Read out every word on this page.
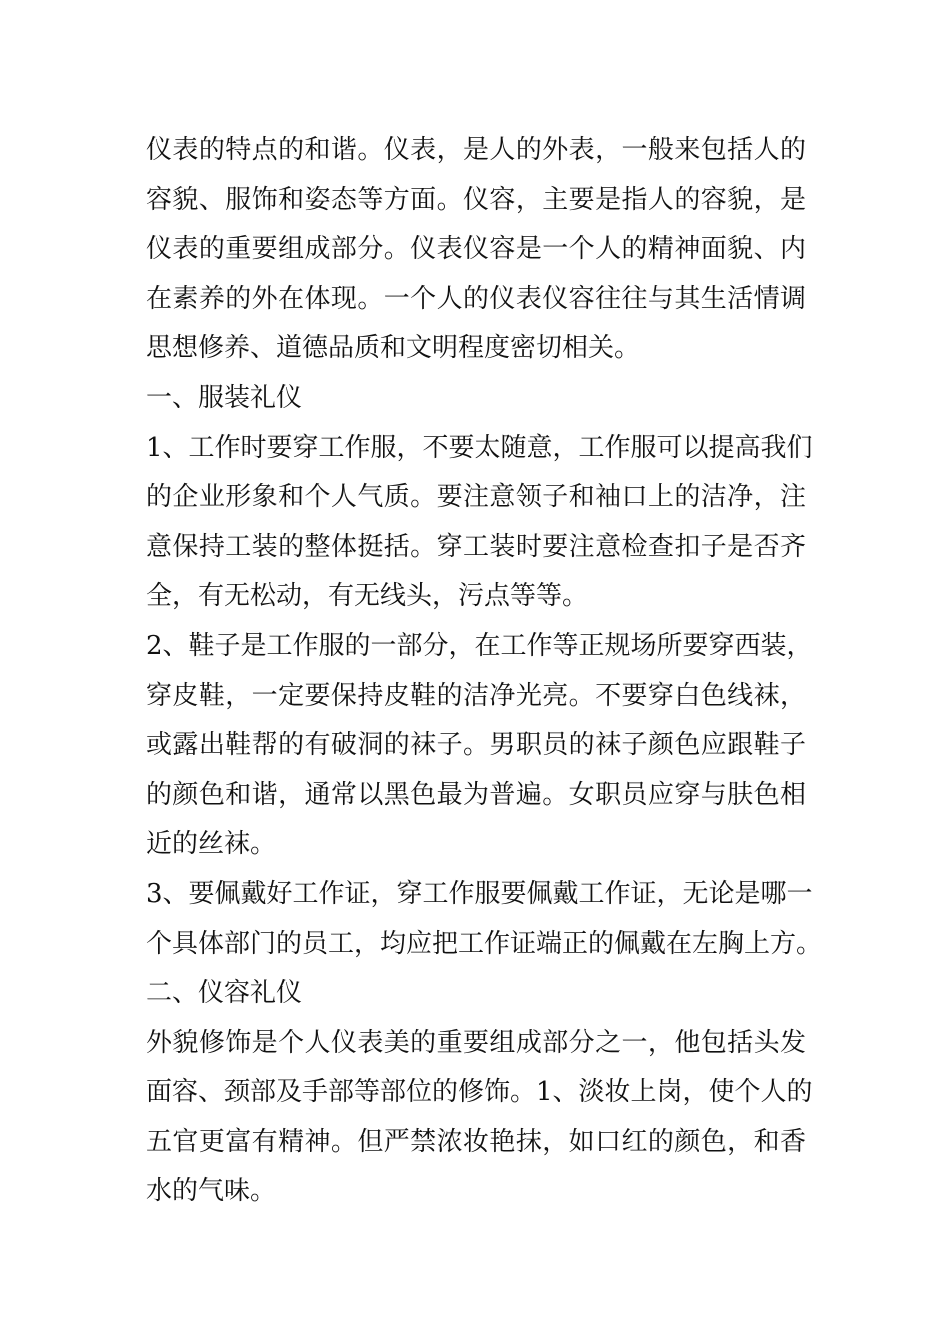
仪表的特点的和谐。仪表，是人的外表，一般来包括人的
容貌、服饰和姿态等方面。仪容，主要是指人的容貌，是
仪表的重要组成部分。仪表仪容是一个人的精神面貌、内
在素养的外在体现。一个人的仪表仪容往往与其生活情调
思想修养、道德品质和文明程度密切相关。
一、服装礼仪
1、工作时要穿工作服，不要太随意，工作服可以提高我们
的企业形象和个人气质。要注意领子和袖口上的洁净，注
意保持工装的整体挺括。穿工装时要注意检查扣子是否齐
全，有无松动，有无线头，污点等等。
2、鞋子是工作服的一部分，在工作等正规场所要穿西装，
穿皮鞋，一定要保持皮鞋的洁净光亮。不要穿白色线袜，
或露出鞋帮的有破洞的袜子。男职员的袜子颜色应跟鞋子
的颜色和谐，通常以黑色最为普遍。女职员应穿与肤色相
近的丝袜。
3、要佩戴好工作证，穿工作服要佩戴工作证，无论是哪一
个具体部门的员工，均应把工作证端正的佩戴在左胸上方。
二、仪容礼仪
外貌修饰是个人仪表美的重要组成部分之一，他包括头发
面容、颈部及手部等部位的修饰。1、淡妆上岗，使个人的
五官更富有精神。但严禁浓妆艳抹，如口红的颜色，和香
水的气味。
